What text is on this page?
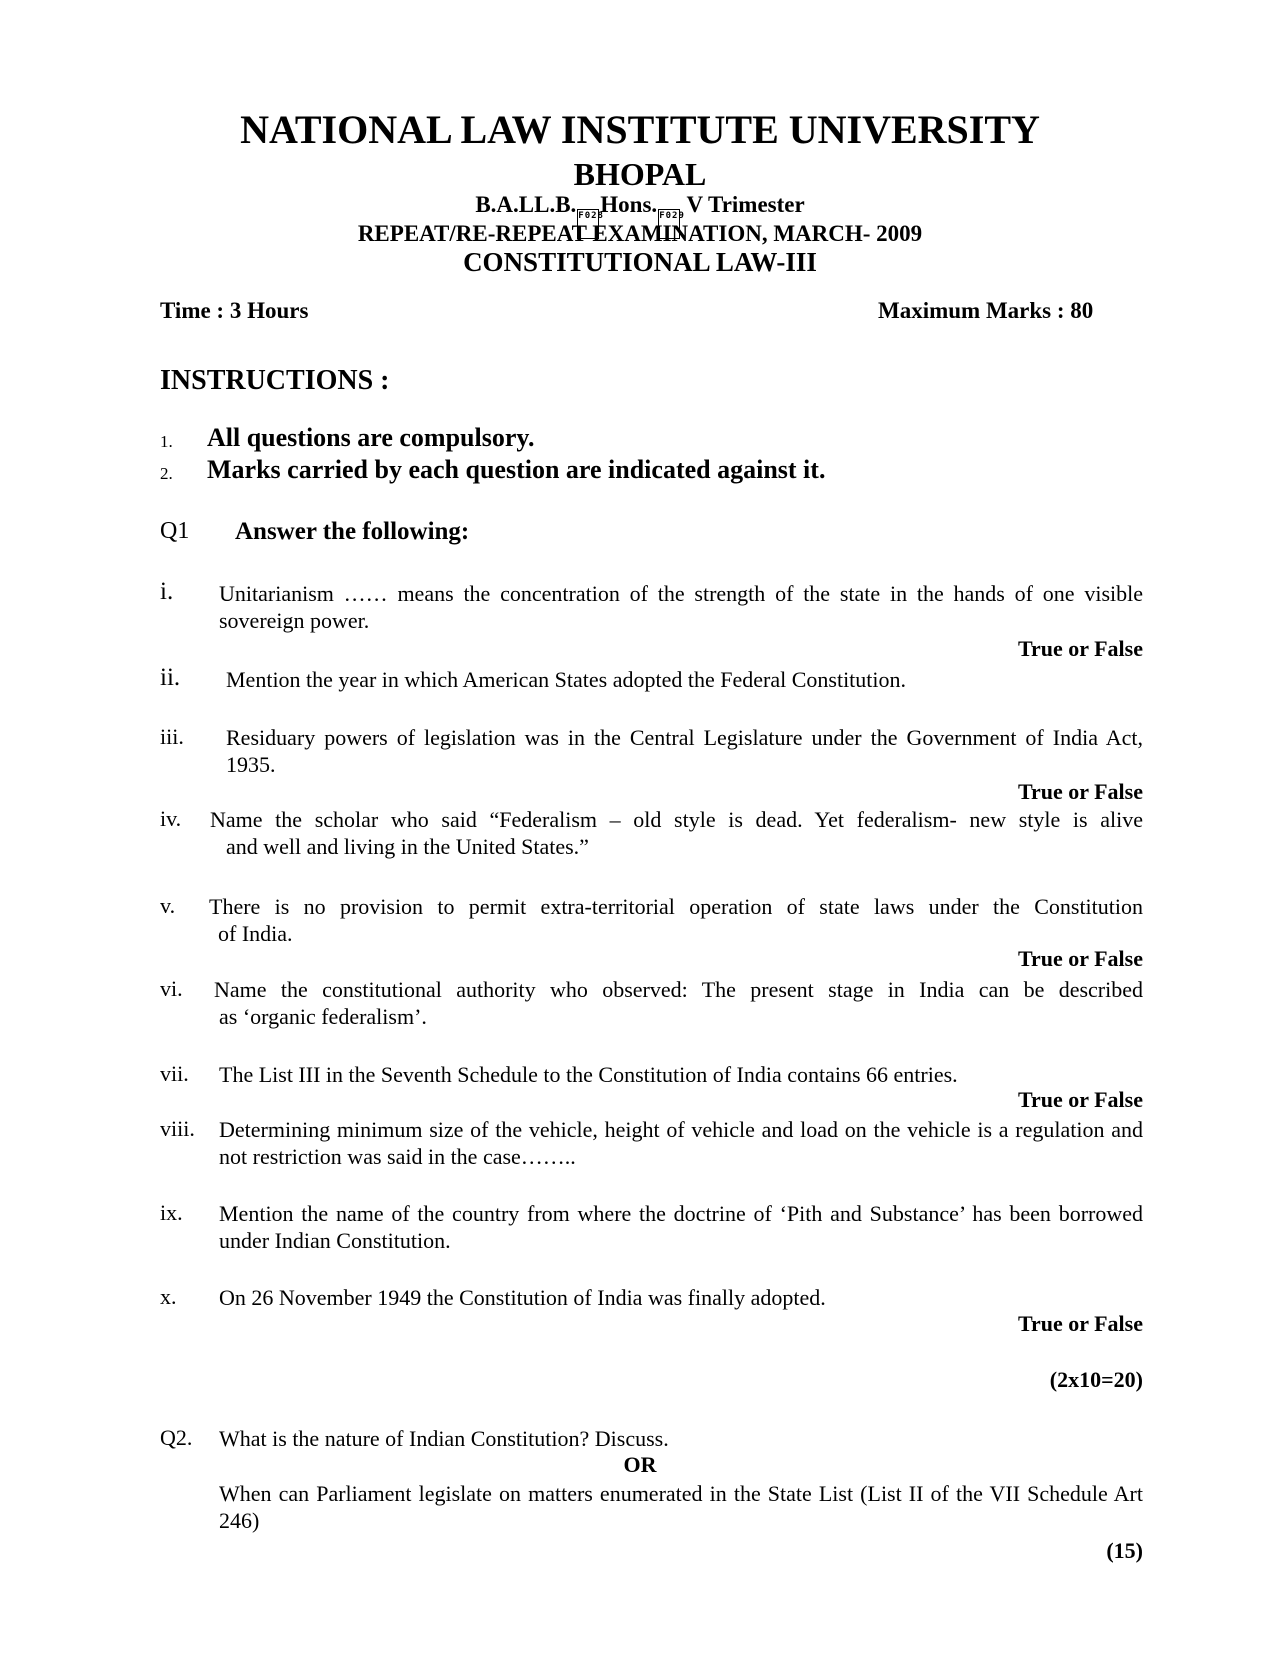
NATIONAL LAW INSTITUTE UNIVERSITY
BHOPAL
B.A.LL.B. F028Hons. F029 V Trimester
REPEAT/RE-REPEAT EXAMINATION, MARCH- 2009
CONSTITUTIONAL LAW-III
Time : 3 Hours	Maximum Marks : 80
INSTRUCTIONS :
1. All questions are compulsory.
2. Marks carried by each question are indicated against it.
Q1 Answer the following:
i. Unitarianism …… means the concentration of the strength of the state in the hands of one visible sovereign power.
True or False
ii. Mention the year in which American States adopted the Federal Constitution.
iii. Residuary powers of legislation was in the Central Legislature under the Government of India Act, 1935.
True or False
iv. Name the scholar who said “Federalism – old style is dead. Yet federalism- new style is alive
and well and living in the United States.”
v. There is no provision to permit extra-territorial operation of state laws under the Constitution
of India.
True or False
vi. Name the constitutional authority who observed: The present stage in India can be described
as ‘organic federalism’.
vii. The List III in the Seventh Schedule to the Constitution of India contains 66 entries.
True or False
viii. Determining minimum size of the vehicle, height of vehicle and load on the vehicle is a regulation and not restriction was said in the case……..
ix. Mention the name of the country from where the doctrine of ‘Pith and Substance’ has been borrowed under Indian Constitution.
x. On 26 November 1949 the Constitution of India was finally adopted.
True or False
(2x10=20)
Q2. What is the nature of Indian Constitution? Discuss.
OR
When can Parliament legislate on matters enumerated in the State List (List II of the VII Schedule Art 246)
(15)
